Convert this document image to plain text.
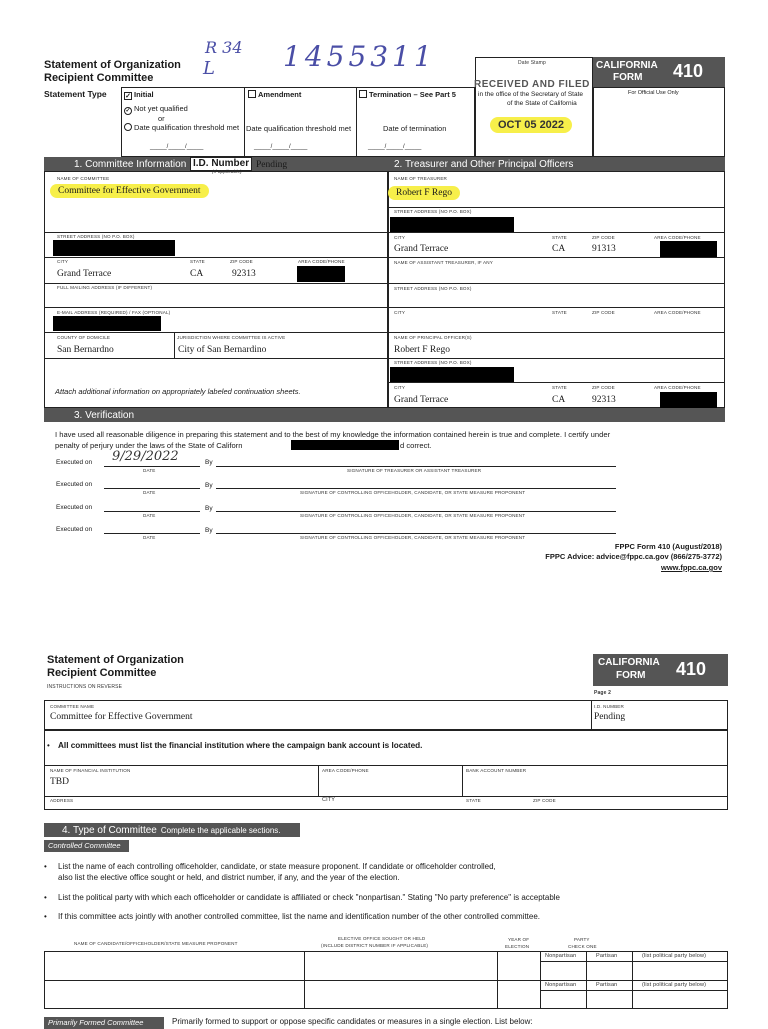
Statement of Organization
Recipient Committee
Statement Type
R 34
L 1455311	Date Stamp
RECEIVED AND FILED
in the office of the Secretary of State
of the State of California
OCT 05 2022
CALIFORNIA
FORM 410
For Official Use Only
✓ Initial
✓ Not yet qualified
or
Date qualification threshold met
_____/_____/_____
Amendment
Date qualification threshold met
_____/_____/_____
Termination – See Part 5
Date of termination
_____/_____/_____
1. Committee Information I.D. Number Pending
(If applicable)
2. Treasurer and Other Principal Officers
NAME OF COMMITTEE
Committee for Effective Government
STREET ADDRESS (NO P.O. BOX)
CITY	STATE	ZIP CODE	AREA CODE/PHONE
Grand Terrace	CA	92313
FULL MAILING ADDRESS (IF DIFFERENT)
E-MAIL ADDRESS (REQUIRED) / FAX (OPTIONAL)
COUNTY OF DOMICILE	JURISDICTION WHERE COMMITTEE IS ACTIVE
San Bernardno	City of San Bernardino
Attach additional information on appropriately labeled continuation sheets.
NAME OF TREASURER
Robert F Rego
STREET ADDRESS (NO P.O. BOX)
CITY	STATE	ZIP CODE	AREA CODE/PHONE
Grand Terrace	CA	91313
NAME OF ASSISTANT TREASURER, IF ANY
STREET ADDRESS (NO P.O. BOX)
CITY	STATE	ZIP CODE	AREA CODE/PHONE
NAME OF PRINCIPAL OFFICER(S)
Robert F Rego
STREET ADDRESS (NO P.O. BOX)
CITY	STATE	ZIP CODE	AREA CODE/PHONE
Grand Terrace	CA	92313
3. Verification
I have used all reasonable diligence in preparing this statement and to the best of my knowledge the information contained herein is true and complete. I certify under
penalty of perjury under the laws of the State of Californ	d correct.
Executed on 9/29/2022
DATE
By
SIGNATURE OF TREASURER OR ASSISTANT TREASURER
Executed on
DATE
By
SIGNATURE OF CONTROLLING OFFICEHOLDER, CANDIDATE, OR STATE MEASURE PROPONENT
Executed on
DATE
By
SIGNATURE OF CONTROLLING OFFICEHOLDER, CANDIDATE, OR STATE MEASURE PROPONENT
Executed on
DATE
By
SIGNATURE OF CONTROLLING OFFICEHOLDER, CANDIDATE, OR STATE MEASURE PROPONENT
FPPC Form 410 (August/2018)
FPPC Advice: advice@fppc.ca.gov (866/275-3772)
www.fppc.ca.gov
Statement of Organization
Recipient Committee
INSTRUCTIONS ON REVERSE
CALIFORNIA
FORM 410
Page 2
COMMITTEE NAME
Committee for Effective Government
I.D. NUMBER
Pending
All committees must list the financial institution where the campaign bank account is located.
•
NAME OF FINANCIAL INSTITUTION
TBD
AREA CODE/PHONE	BANK ACCOUNT NUMBER
ADDRESS	CITY	STATE	ZIP CODE
4. Type of Committee Complete the applicable sections.
Controlled Committee
• List the name of each controlling officeholder, candidate, or state measure proponent. If candidate or officeholder controlled,
also list the elective office sought or held, and district number, if any, and the year of the election.
• List the political party with which each officeholder or candidate is affiliated or check "nonpartisan." Stating "No party preference" is acceptable
• If this committee acts jointly with another controlled committee, list the name and identification number of the other controlled committee.
NAME OF CANDIDATE/OFFICEHOLDER/STATE MEASURE PROPONENT
ELECTIVE OFFICE SOUGHT OR HELD
(INCLUDE DISTRICT NUMBER IF APPLICABLE)
YEAR OF
ELECTION
PARTY
CHECK ONE
Nonpartisan	Partisan	(list political party below)
Nonpartisan	Partisan	(list political party below)
Primarily Formed Committee	Primarily formed to support or oppose specific candidates or measures in a single election. List below:
